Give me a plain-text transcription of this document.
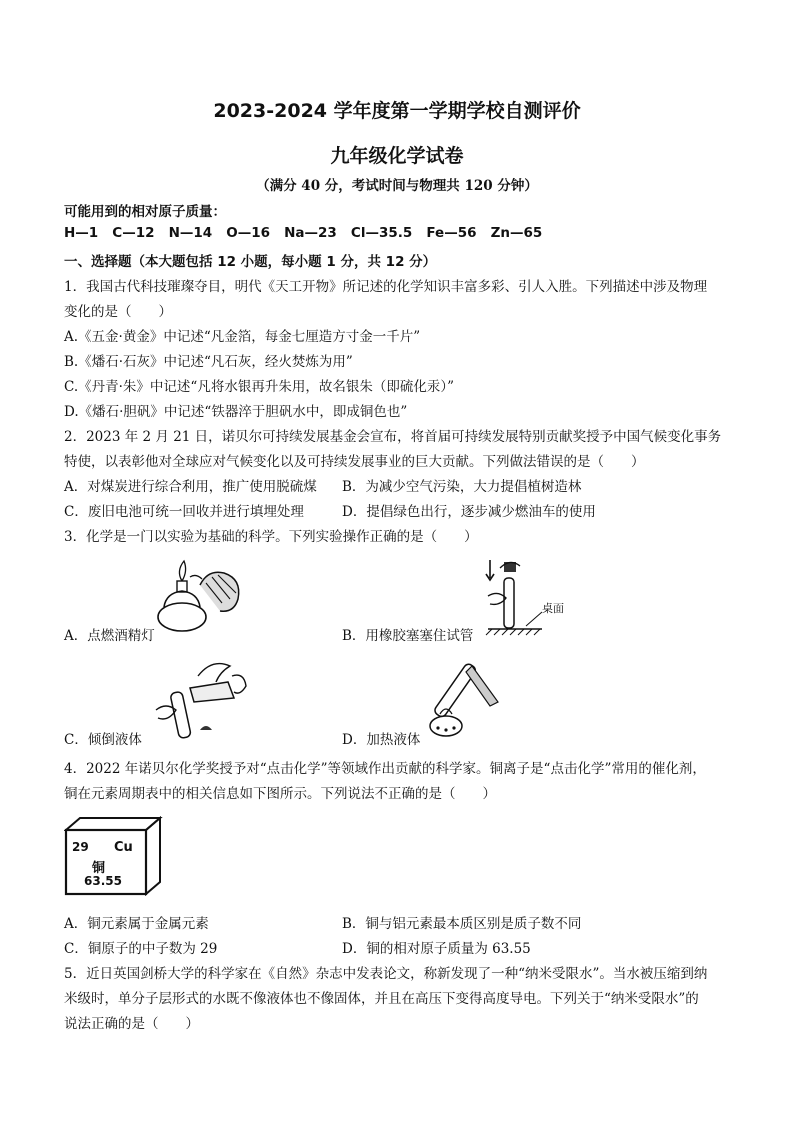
2023-2024 学年度第一学期学校自测评价
九年级化学试卷
（满分 40 分，考试时间与物理共 120 分钟）
可能用到的相对原子质量：
H—1   C—12   N—14   O—16   Na—23   Cl—35.5   Fe—56   Zn—65
一、选择题（本大题包括 12 小题，每小题 1 分，共 12 分）
1．我国古代科技璀璨夺目，明代《天工开物》所记述的化学知识丰富多彩、引人入胜。下列描述中涉及物理
变化的是（　　）
A.《五金·黄金》中记述“凡金箔，每金七厘造方寸金一千片”
B.《燔石·石灰》中记述“凡石灰，经火焚炼为用”
C.《丹青·朱》中记述“凡将水银再升朱用，故名银朱（即硫化汞）”
D.《燔石·胆矾》中记述“铁器淬于胆矾水中，即成铜色也”
2．2023 年 2 月 21 日，诺贝尔可持续发展基金会宣布，将首届可持续发展特别贡献奖授予中国气候变化事务
特使，以表彰他对全球应对气候变化以及可持续发展事业的巨大贡献。下列做法错误的是（　　）
A．对煤炭进行综合利用，推广使用脱硫煤 B．为减少空气污染，大力提倡植树造林
C．废旧电池可统一回收并进行填埋处理	D．提倡绿色出行，逐步减少燃油车的使用
3．化学是一门以实验为基础的科学。下列实验操作正确的是（　　）
A．点燃酒精灯
桌面
B．用橡胶塞塞住试管
C．倾倒液体	D．加热液体
4．2022 年诺贝尔化学奖授予对“点击化学”等领域作出贡献的科学家。铜离子是“点击化学”常用的催化剂，
铜在元素周期表中的相关信息如下图所示。下列说法不正确的是（　　）
29 Cu
铜
63.55
A．铜元素属于金属元素	B．铜与铝元素最本质区别是质子数不同
C．铜原子的中子数为 29	D．铜的相对原子质量为 63.55
5．近日英国剑桥大学的科学家在《自然》杂志中发表论文，称新发现了一种“纳米受限水”。当水被压缩到纳
米级时，单分子层形式的水既不像液体也不像固体，并且在高压下变得高度导电。下列关于“纳米受限水”的
说法正确的是（　　）
